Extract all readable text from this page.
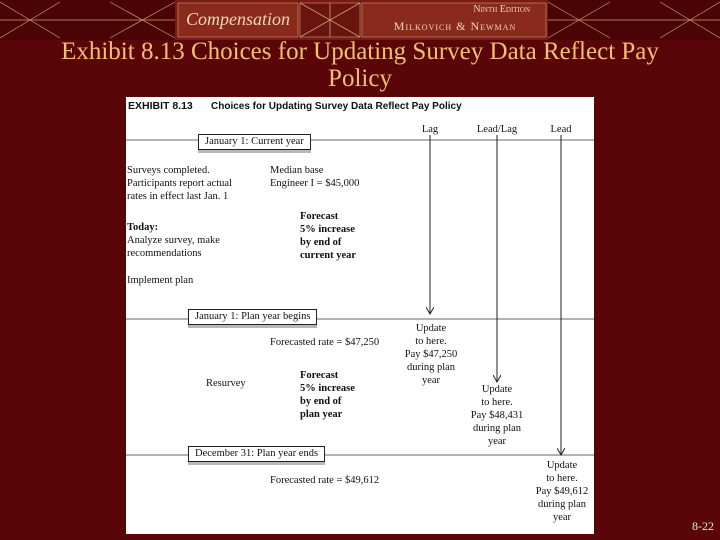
Compensation	Ninth Edition
Milkovich & Newman
Exhibit 8.13 Choices for Updating Survey Data Reflect Pay Policy
EXHIBIT 8.13 Choices for Updating Survey Data Reflect Pay Policy
Lag	Lead/Lag	Lead
January 1: Current year
Surveys completed.
Participants report actual
rates in effect last Jan. 1
Median base
Engineer I = $45,000
Today:
Analyze survey, make
recommendations
Forecast
5% increase
by end of
current year
Implement plan
January 1: Plan year begins
Forecasted rate = $47,250
Update
to here.
Pay $47,250
during plan
year
Resurvey
Forecast
5% increase
by end of
plan year
Update
to here.
Pay $48,431
during plan
year
December 31: Plan year ends
Forecasted rate = $49,612
Update
to here.
Pay $49,612
during plan
year
8-22
